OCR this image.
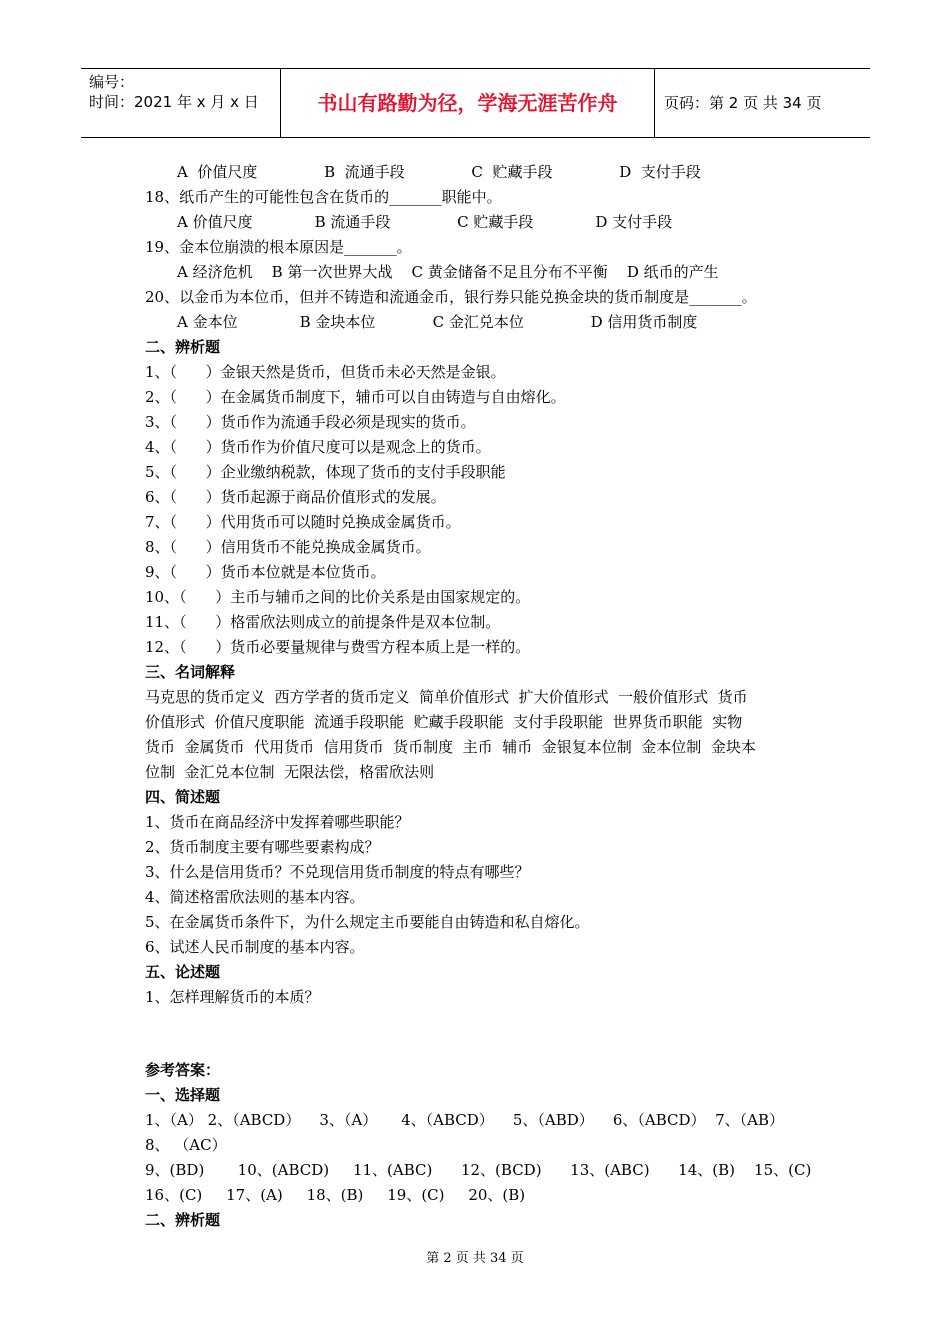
编号：
时间：2021 年 x 月 x 日	书山有路勤为径，学海无涯苦作舟	页码：第 2 页 共 34 页
A  价值尺度              B  流通手段              C  贮藏手段              D  支付手段
18、纸币产生的可能性包含在货币的_______职能中。
A 价值尺度             B 流通手段              C 贮藏手段             D 支付手段
19、金本位崩溃的根本原因是_______。
A 经济危机    B 第一次世界大战    C 黄金储备不足且分布不平衡    D 纸币的产生
20、以金币为本位币，但并不铸造和流通金币，银行券只能兑换金块的货币制度是_______。
A 金本位             B 金块本位            C 金汇兑本位              D 信用货币制度
二、辨析题
1、（      ）金银天然是货币，但货币未必天然是金银。
2、（      ）在金属货币制度下，辅币可以自由铸造与自由熔化。
3、（      ）货币作为流通手段必须是现实的货币。
4、（      ）货币作为价值尺度可以是观念上的货币。
5、（      ）企业缴纳税款，体现了货币的支付手段职能
6、（      ）货币起源于商品价值形式的发展。
7、（      ）代用货币可以随时兑换成金属货币。
8、（      ）信用货币不能兑换成金属货币。
9、（      ）货币本位就是本位货币。
10、（      ）主币与辅币之间的比价关系是由国家规定的。
11、（      ）格雷欣法则成立的前提条件是双本位制。
12、（      ）货币必要量规律与费雪方程本质上是一样的。
三、名词解释
马克思的货币定义  西方学者的货币定义  简单价值形式  扩大价值形式  一般价值形式  货币
价值形式  价值尺度职能  流通手段职能  贮藏手段职能  支付手段职能  世界货币职能  实物
货币  金属货币  代用货币  信用货币  货币制度  主币  辅币  金银复本位制  金本位制  金块本
位制  金汇兑本位制  无限法偿，格雷欣法则
四、简述题
1、货币在商品经济中发挥着哪些职能？
2、货币制度主要有哪些要素构成？
3、什么是信用货币？不兑现信用货币制度的特点有哪些？
4、简述格雷欣法则的基本内容。
5、在金属货币条件下，为什么规定主币要能自由铸造和私自熔化。
6、试述人民币制度的基本内容。
五、论述题
1、怎样理解货币的本质？
参考答案：
一、选择题
1、（A） 2、（ABCD）    3、（A）     4、（ABCD）    5、（ABD）    6、（ABCD）  7、（AB）
8、 （AC）
9、(BD)       10、(ABCD)     11、(ABC)      12、(BCD)      13、(ABC)      14、(B)    15、(C)
16、(C)     17、(A)     18、(B)     19、(C)     20、(B)
二、辨析题
第 2 页 共 34 页
